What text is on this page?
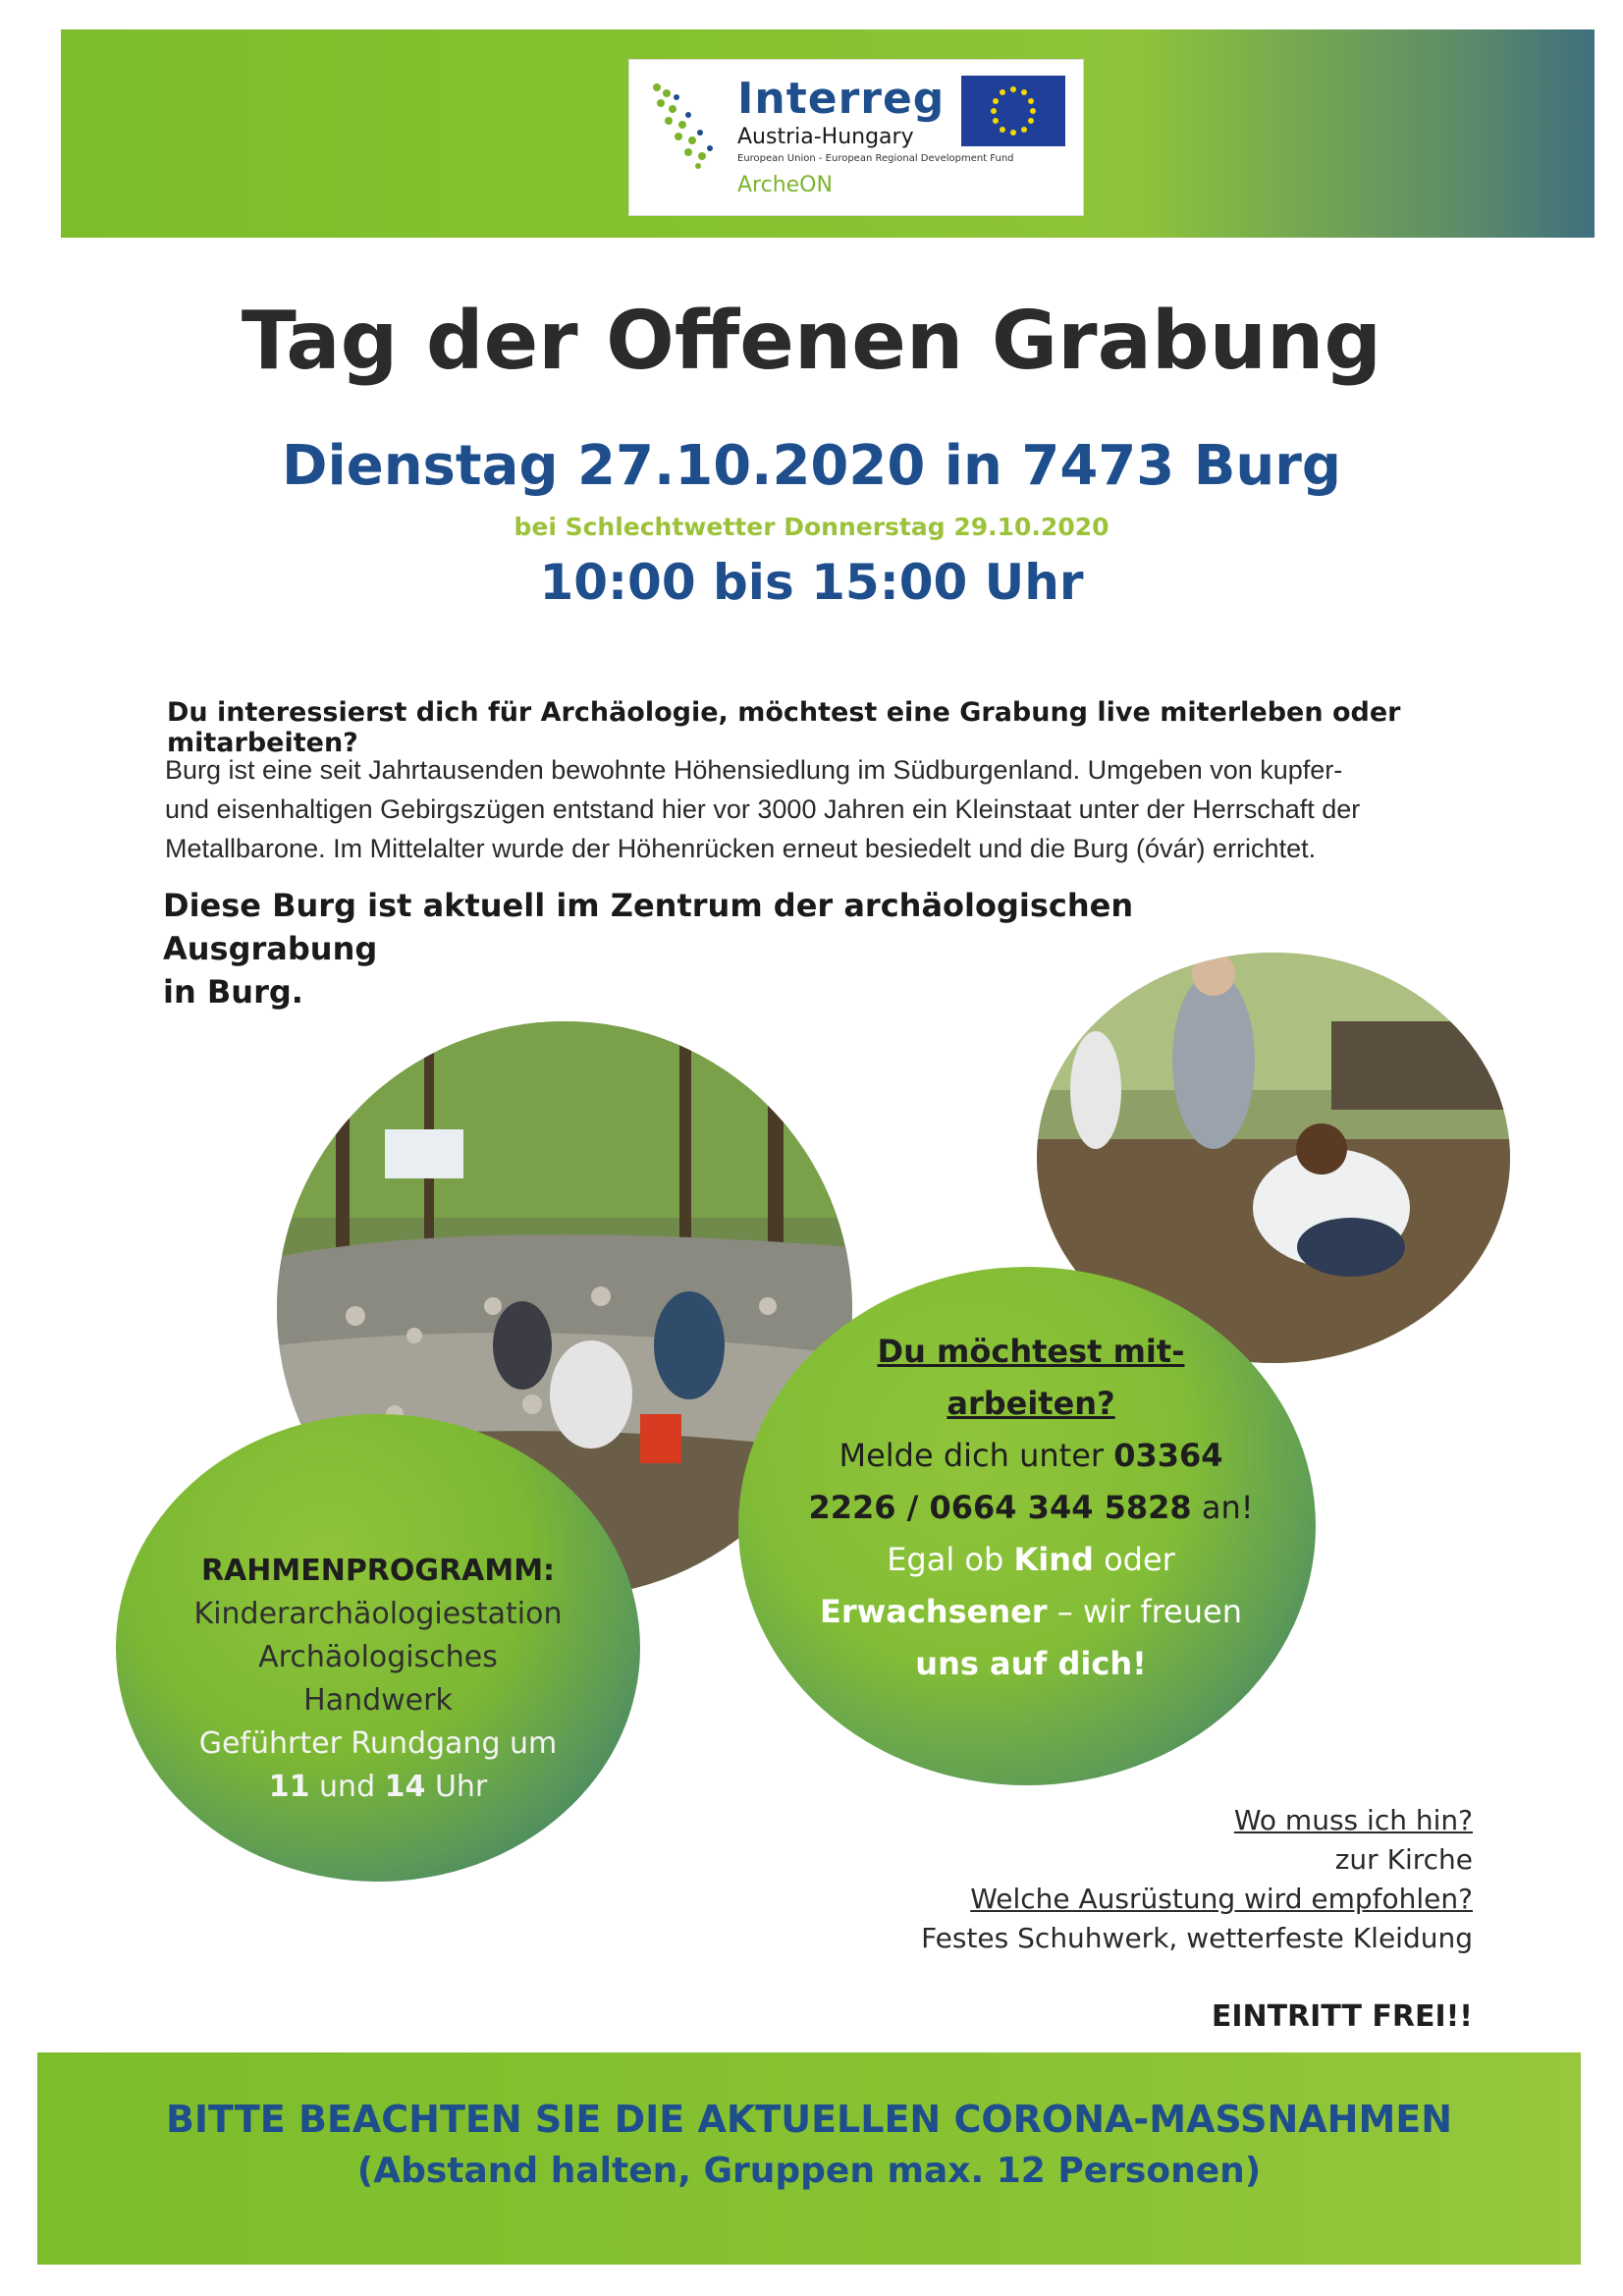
Interreg
Austria-Hungary
European Union - European Regional Development Fund
ArcheON
Tag der Offenen Grabung
Dienstag 27.10.2020 in 7473 Burg
bei Schlechtwetter Donnerstag 29.10.2020
10:00 bis 15:00 Uhr
Du interessierst dich für Archäologie, möchtest eine Grabung live miterleben oder mitarbeiten?
Burg ist eine seit Jahrtausenden bewohnte Höhensiedlung im Südburgenland. Umgeben von kupfer-
und eisenhaltigen Gebirgszügen entstand hier vor 3000 Jahren ein Kleinstaat unter der Herrschaft der
Metallbarone. Im Mittelalter wurde der Höhenrücken erneut besiedelt und die Burg (óvár) errichtet.
Diese Burg ist aktuell im Zentrum der archäologischen Ausgrabung
in Burg.
RAHMENPROGRAMM:
Kinderarchäologiestation
Archäologisches
Handwerk
Geführter Rundgang um
11 und 14 Uhr
Du möchtest mit-
arbeiten?
Melde dich unter 03364
2226 / 0664 344 5828 an!
Egal ob Kind oder
Erwachsener – wir freuen
uns auf dich!
Wo muss ich hin?
zur Kirche
Welche Ausrüstung wird empfohlen?
Festes Schuhwerk, wetterfeste Kleidung
EINTRITT FREI!!
BITTE BEACHTEN SIE DIE AKTUELLEN CORONA-MASSNAHMEN
(Abstand halten, Gruppen max. 12 Personen)
